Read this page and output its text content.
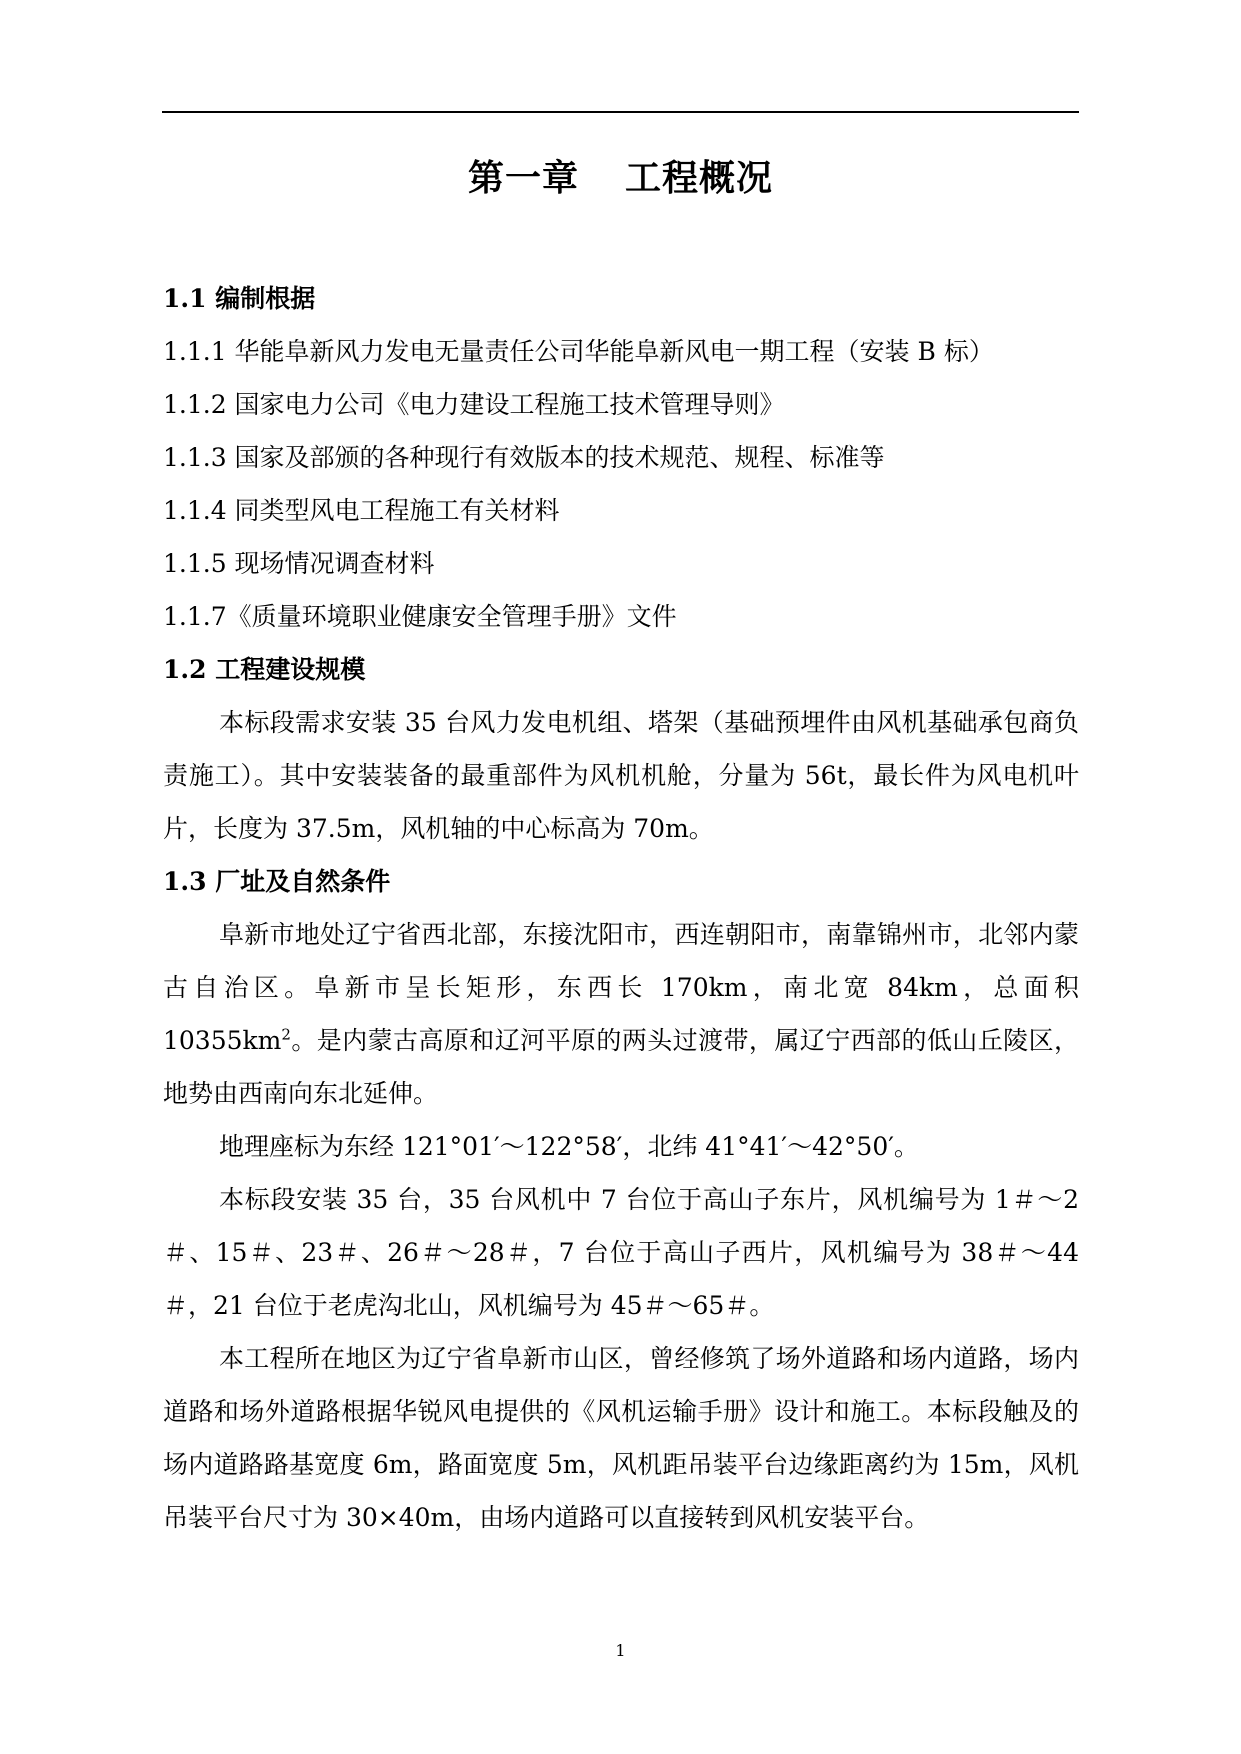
第一章 工程概况
1.1 编制根据
1.1.1 华能阜新风力发电无量责任公司华能阜新风电一期工程（安装 B 标）
1.1.2 国家电力公司《电力建设工程施工技术管理导则》
1.1.3 国家及部颁的各种现行有效版本的技术规范、规程、标准等
1.1.4 同类型风电工程施工有关材料
1.1.5 现场情况调查材料
1.1.7《质量环境职业健康安全管理手册》文件
1.2 工程建设规模

本标段需求安装 35 台风力发电机组、塔架（基础预埋件由风机基础承包商负责施工）。其中安装装备的最重部件为风机机舱，分量为 56t，最长件为风电机叶片，长度为 37.5m，风机轴的中心标高为 70m。

1.3 厂址及自然条件

阜新市地处辽宁省西北部，东接沈阳市，西连朝阳市，南靠锦州市，北邻内蒙古自治区。阜新市呈长矩形，东西长 170km，南北宽 84km，总面积 $10355km^2$。是内蒙古高原和辽河平原的两头过渡带，属辽宁西部的低山丘陵区，地势由西南向东北延伸。

地理座标为东经 121°01′～122°58′，北纬 41°41′～42°50′。

本标段安装 35 台，35 台风机中 7 台位于高山子东片，风机编号为 1＃～2＃、15＃、23＃、26＃～28＃，7 台位于高山子西片，风机编号为 38＃～44＃，21 台位于老虎沟北山，风机编号为 45＃～65＃。

本工程所在地区为辽宁省阜新市山区，曾经修筑了场外道路和场内道路，场内道路和场外道路根据华锐风电提供的《风机运输手册》设计和施工。本标段触及的场内道路路基宽度 6m，路面宽度 5m，风机距吊装平台边缘距离约为 15m，风机吊装平台尺寸为 30×40m，由场内道路可以直接转到风机安装平台。

1
